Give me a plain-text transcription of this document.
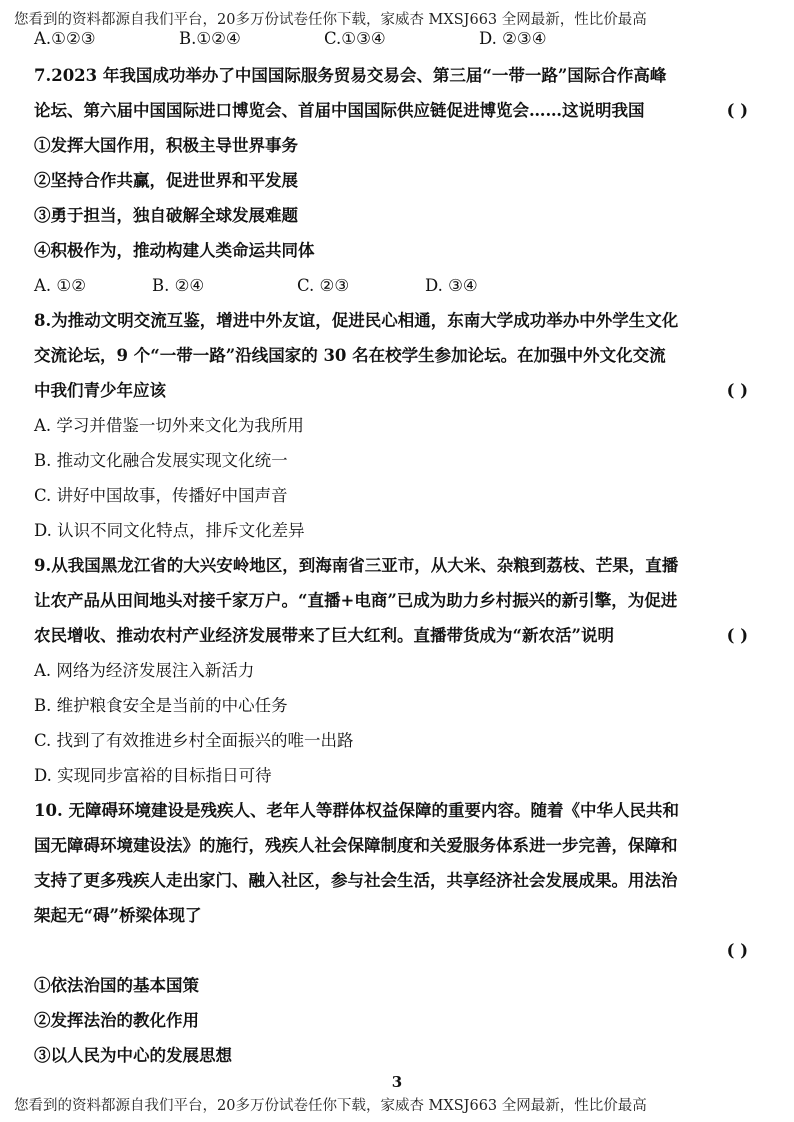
您看到的资料都源自我们平台，20多万份试卷任你下载，家威杏 MXSJ663 全网最新，性比价最高
A.①②③	B.①②④	C.①③④	D. ②③④
7.2023 年我国成功举办了中国国际服务贸易交易会、第三届“一带一路”国际合作高峰
论坛、第六届中国国际进口博览会、首届中国国际供应链促进博览会……这说明我国	( )
①发挥大国作用，积极主导世界事务
②坚持合作共赢，促进世界和平发展
③勇于担当，独自破解全球发展难题
④积极作为，推动构建人类命运共同体
A. ①②	B. ②④	C. ②③	D. ③④
8.为推动文明交流互鉴，增进中外友谊，促进民心相通，东南大学成功举办中外学生文化
交流论坛，9 个“一带一路”沿线国家的 30 名在校学生参加论坛。在加强中外文化交流
中我们青少年应该	( )
A. 学习并借鉴一切外来文化为我所用
B. 推动文化融合发展实现文化统一
C. 讲好中国故事，传播好中国声音
D. 认识不同文化特点，排斥文化差异
9.从我国黑龙江省的大兴安岭地区，到海南省三亚市，从大米、杂粮到荔枝、芒果，直播
让农产品从田间地头对接千家万户。“直播+电商”已成为助力乡村振兴的新引擎，为促进
农民增收、推动农村产业经济发展带来了巨大红利。直播带货成为“新农活”说明	( )
A. 网络为经济发展注入新活力
B. 维护粮食安全是当前的中心任务
C. 找到了有效推进乡村全面振兴的唯一出路
D. 实现同步富裕的目标指日可待
10. 无障碍环境建设是残疾人、老年人等群体权益保障的重要内容。随着《中华人民共和
国无障碍环境建设法》的施行，残疾人社会保障制度和关爱服务体系进一步完善，保障和
支持了更多残疾人走出家门、融入社区，参与社会生活，共享经济社会发展成果。用法治
架起无“碍”桥梁体现了
( )
①依法治国的基本国策
②发挥法治的教化作用
③以人民为中心的发展思想
3
您看到的资料都源自我们平台，20多万份试卷任你下载，家威杏 MXSJ663 全网最新，性比价最高
